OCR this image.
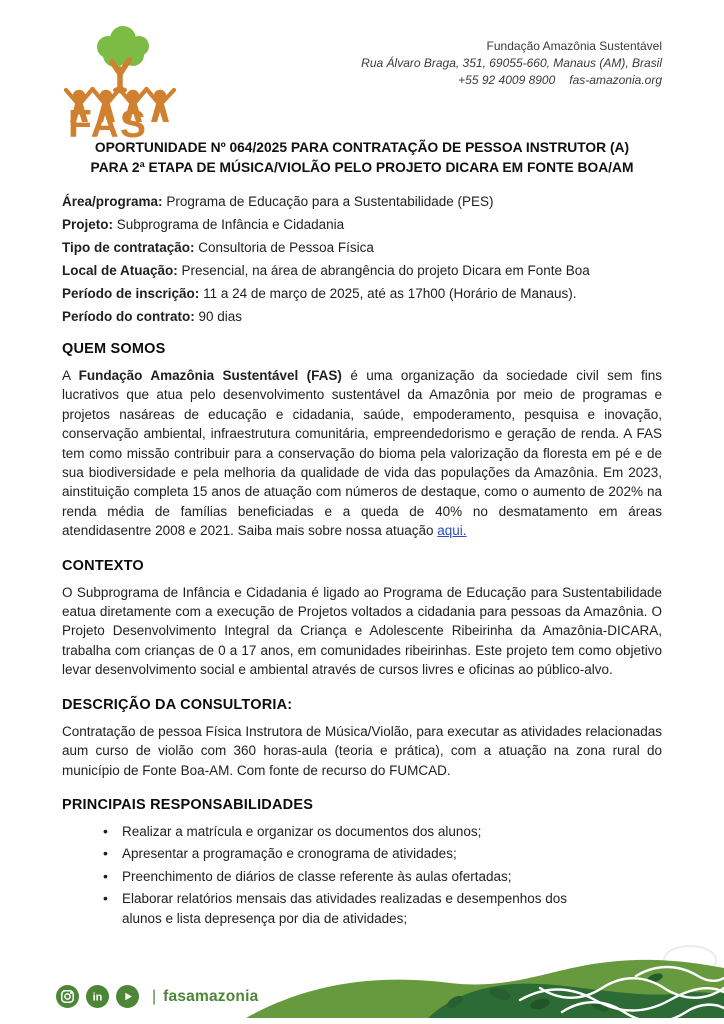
FAS
Fundação Amazônia Sustentável
Rua Álvaro Braga, 351, 69055-660, Manaus (AM), Brasil
+55 92 4009 8900 fas-amazonia.org
OPORTUNIDADE Nº 064/2025 PARA CONTRATAÇÃO DE PESSOA INSTRUTOR (A)
PARA 2ª ETAPA DE MÚSICA/VIOLÃO PELO PROJETO DICARA EM FONTE BOA/AM

Área/programa: Programa de Educação para a Sustentabilidade (PES)

Projeto: Subprograma de Infância e Cidadania

Tipo de contratação: Consultoria de Pessoa Física

Local de Atuação: Presencial, na área de abrangência do projeto Dicara em Fonte Boa

Período de inscrição: 11 a 24 de março de 2025, até as 17h00 (Horário de Manaus).

Período do contrato: 90 dias

QUEM SOMOS

A Fundação Amazônia Sustentável (FAS) é uma organização da sociedade civil sem fins lucrativos que atua pelo desenvolvimento sustentável da Amazônia por meio de programas e projetos nasáreas de educação e cidadania, saúde, empoderamento, pesquisa e inovação, conservação ambiental, infraestrutura comunitária, empreendedorismo e geração de renda. A FAS tem como missão contribuir para a conservação do bioma pela valorização da floresta em pé e de sua biodiversidade e pela melhoria da qualidade de vida das populações da Amazônia. Em 2023, ainstituição completa 15 anos de atuação com números de destaque, como o aumento de 202% na renda média de famílias beneficiadas e a queda de 40% no desmatamento em áreas atendidasentre 2008 e 2021. Saiba mais sobre nossa atuação aqui.

CONTEXTO

O Subprograma de Infância e Cidadania é ligado ao Programa de Educação para Sustentabilidade eatua diretamente com a execução de Projetos voltados a cidadania para pessoas da Amazônia. O Projeto Desenvolvimento Integral da Criança e Adolescente Ribeirinha da Amazônia-DICARA, trabalha com crianças de 0 a 17 anos, em comunidades ribeirinhas. Este projeto tem como objetivo levar desenvolvimento social e ambiental através de cursos livres e oficinas ao público-alvo.

DESCRIÇÃO DA CONSULTORIA:

Contratação de pessoa Física Instrutora de Música/Violão, para executar as atividades relacionadas aum curso de violão com 360 horas-aula (teoria e prática), com a atuação na zona rural do município de Fonte Boa-AM. Com fonte de recurso do FUMCAD.

PRINCIPAIS RESPONSABILIDADES
• Realizar a matrícula e organizar os documentos dos alunos;
• Apresentar a programação e cronograma de atividades;
• Preenchimento de diários de classe referente às aulas ofertadas;
• Elaborar relatórios mensais das atividades realizadas e desempenhos dos alunos e lista depresença por dia de atividades;
in	| fasamazonia
